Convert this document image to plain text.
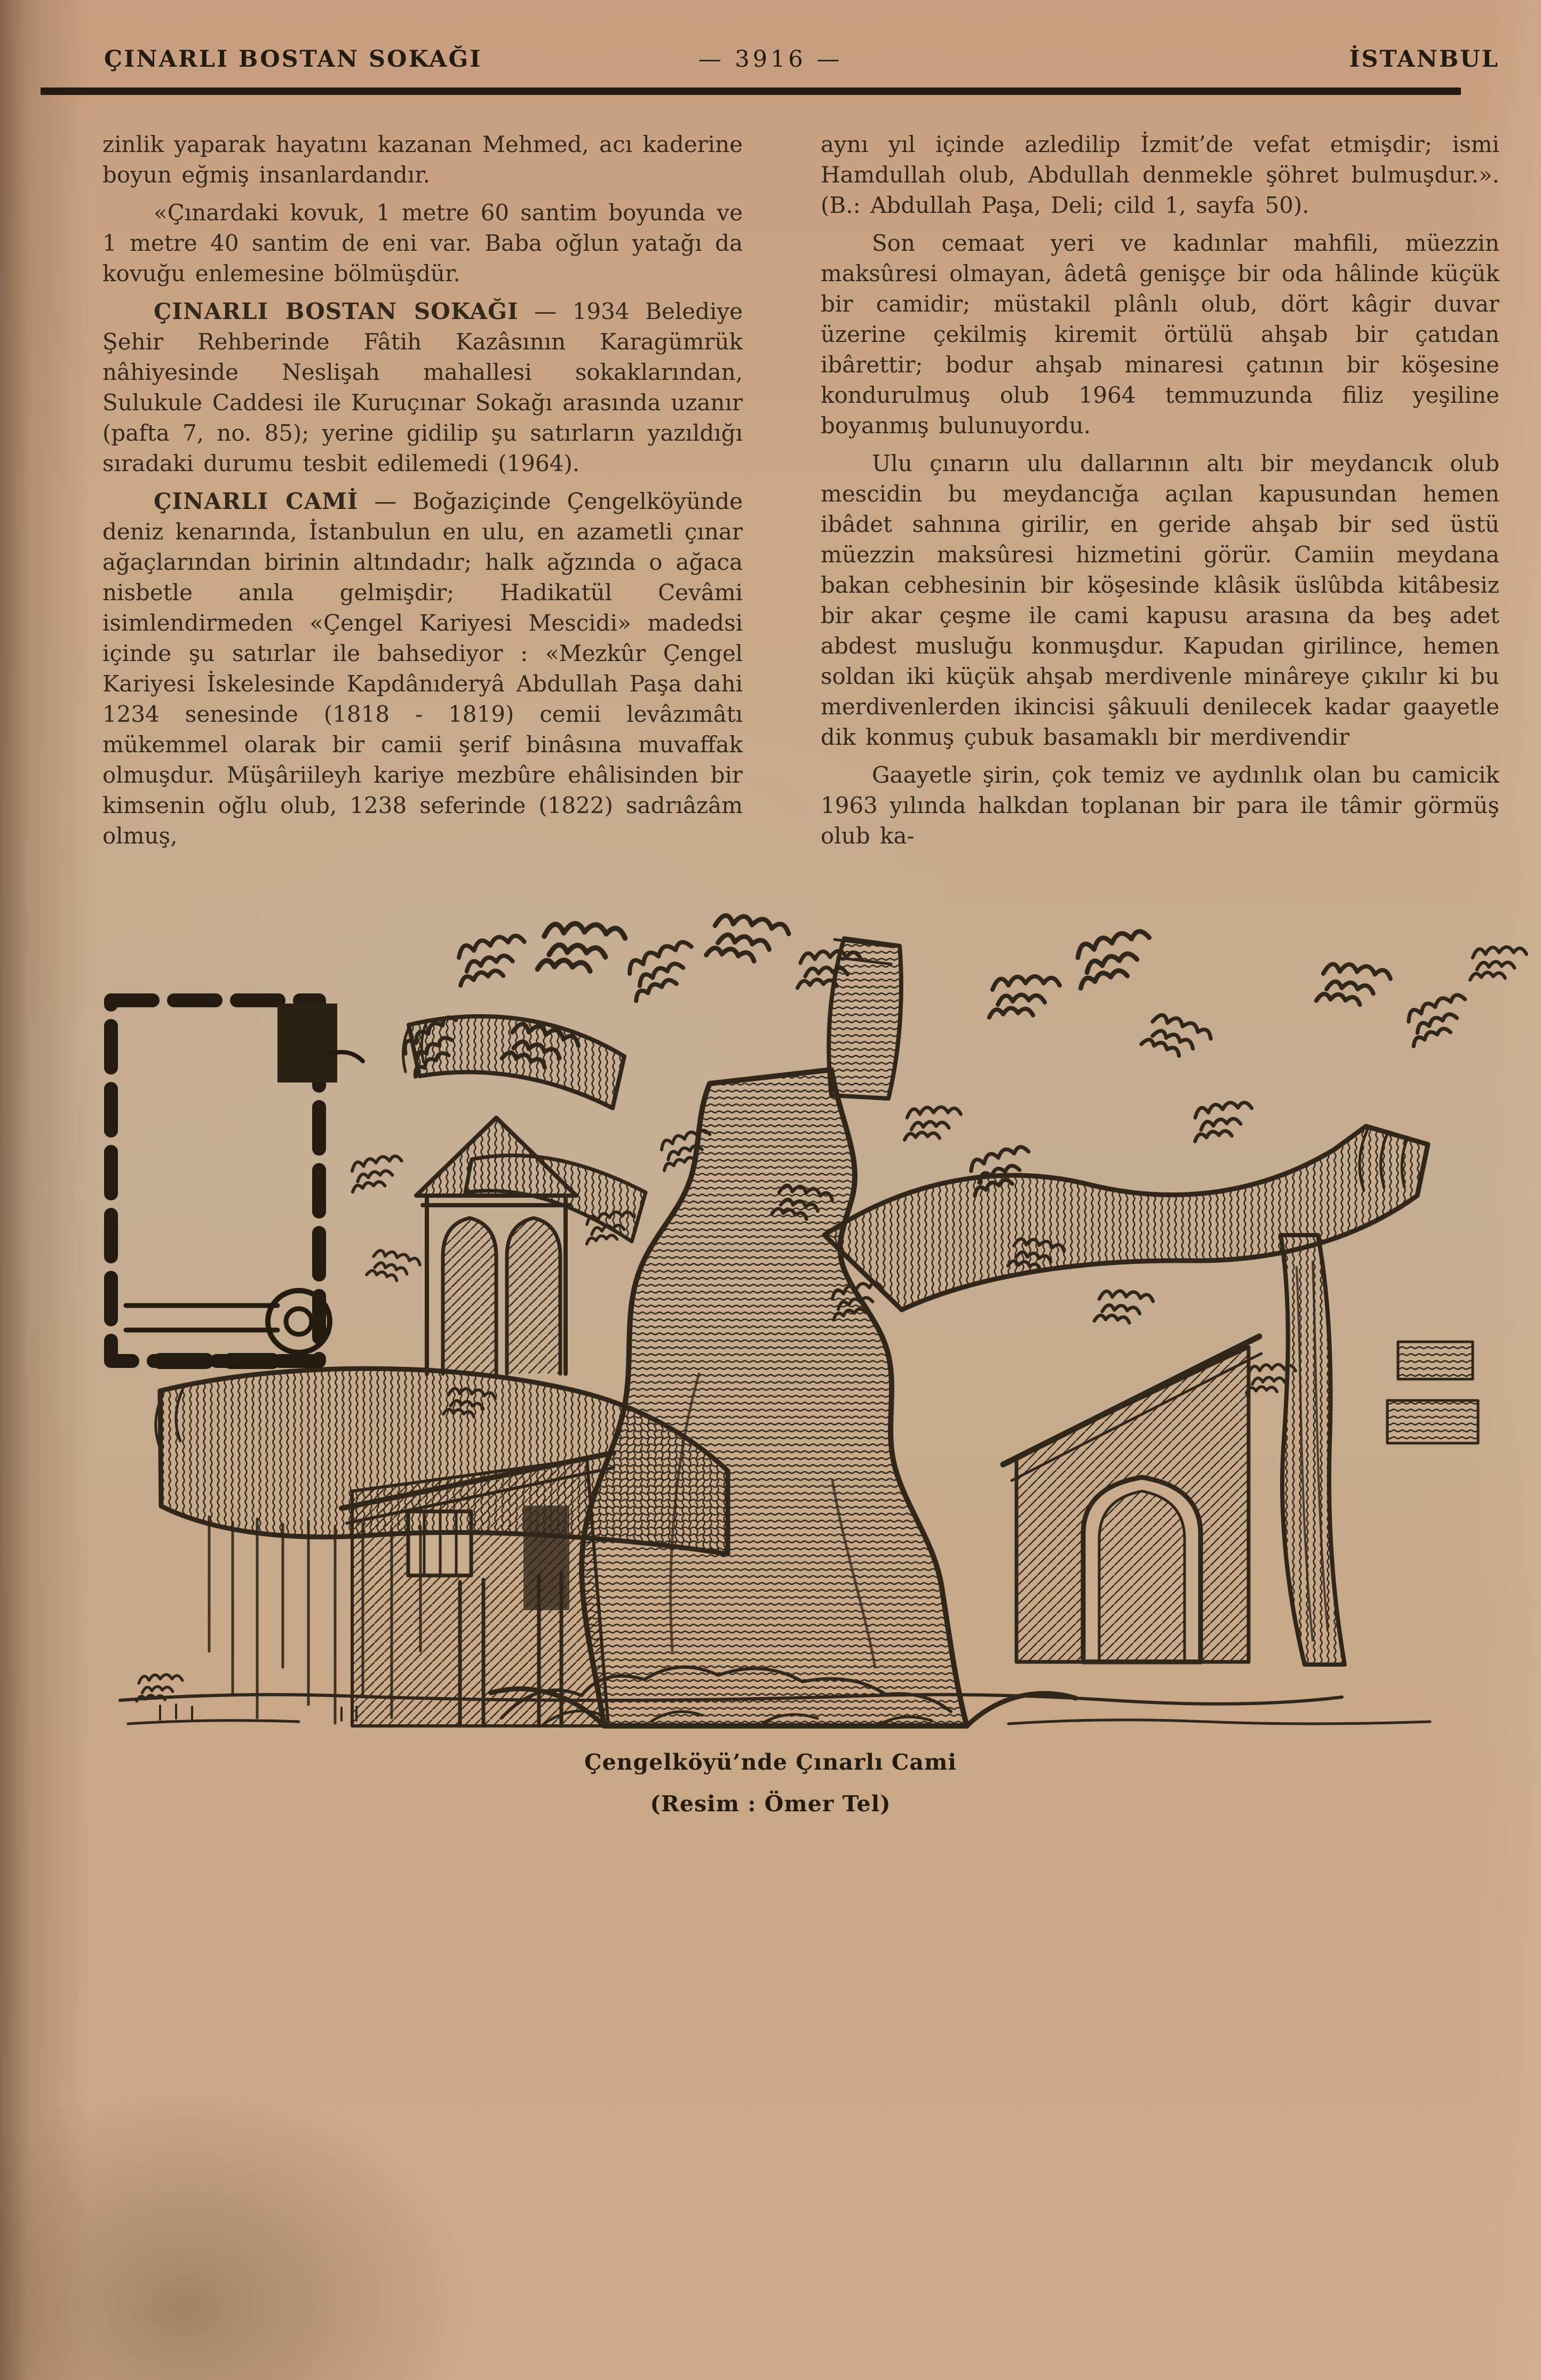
ÇINARLI BOSTAN SOKAĞI	— 3916 —	İSTANBUL

zinlik yaparak hayatını kazanan Mehmed, acı kaderine boyun eğmiş insanlardandır.

«Çınardaki kovuk, 1 metre 60 santim boyunda ve 1 metre 40 santim de eni var. Baba oğlun yatağı da kovuğu enlemesine bölmüşdür.

ÇINARLI BOSTAN SOKAĞI — 1934 Belediye Şehir Rehberinde Fâtih Kazâsının Karagümrük nâhiyesinde Neslişah mahallesi sokaklarından, Sulukule Caddesi ile Kuruçınar Sokağı arasında uzanır (pafta 7, no. 85); yerine gidilip şu satırların yazıldığı sıradaki durumu tesbit edilemedi (1964).

ÇINARLI CAMİ — Boğaziçinde Çengelköyünde deniz kenarında, İstanbulun en ulu, en azametli çınar ağaçlarından birinin altındadır; halk ağzında o ağaca nisbetle anıla gelmişdir; Hadikatül Cevâmi isimlendirmeden «Çengel Kariyesi Mescidi» madedsi içinde şu satırlar ile bahsediyor : «Mezkûr Çengel Kariyesi İskelesinde Kapdânıderyâ Abdullah Paşa dahi 1234 senesinde (1818 - 1819) cemii levâzımâtı mükemmel olarak bir camii şerif binâsına muvaffak olmuşdur. Müşâriileyh kariye mezbûre ehâlisinden bir kimsenin oğlu olub, 1238 seferinde (1822) sadrıâzâm olmuş,

aynı yıl içinde azledilip İzmit’de vefat etmişdir; ismi Hamdullah olub, Abdullah denmekle şöhret bulmuşdur.». (B.: Abdullah Paşa, Deli; cild 1, sayfa 50).

Son cemaat yeri ve kadınlar mahfili, müezzin maksûresi olmayan, âdetâ genişçe bir oda hâlinde küçük bir camidir; müstakil plânlı olub, dört kâgir duvar üzerine çekilmiş kiremit örtülü ahşab bir çatıdan ibârettir; bodur ahşab minaresi çatının bir köşesine kondurulmuş olub 1964 temmuzunda filiz yeşiline boyanmış bulunuyordu.

Ulu çınarın ulu dallarının altı bir meydancık olub mescidin bu meydancığa açılan kapusundan hemen ibâdet sahnına girilir, en geride ahşab bir sed üstü müezzin maksûresi hizmetini görür. Camiin meydana bakan cebhesinin bir köşesinde klâsik üslûbda kitâbesiz bir akar çeşme ile cami kapusu arasına da beş adet abdest musluğu konmuşdur. Kapudan girilince, hemen soldan iki küçük ahşab merdivenle minâreye çıkılır ki bu merdivenlerden ikincisi şâkuuli denilecek kadar gaayetle dik konmuş çubuk basamaklı bir merdivendir

Gaayetle şirin, çok temiz ve aydınlık olan bu camicik 1963 yılında halkdan toplanan bir para ile tâmir görmüş olub ka-

Çengelköyü’nde Çınarlı Cami
(Resim : Ömer Tel)
